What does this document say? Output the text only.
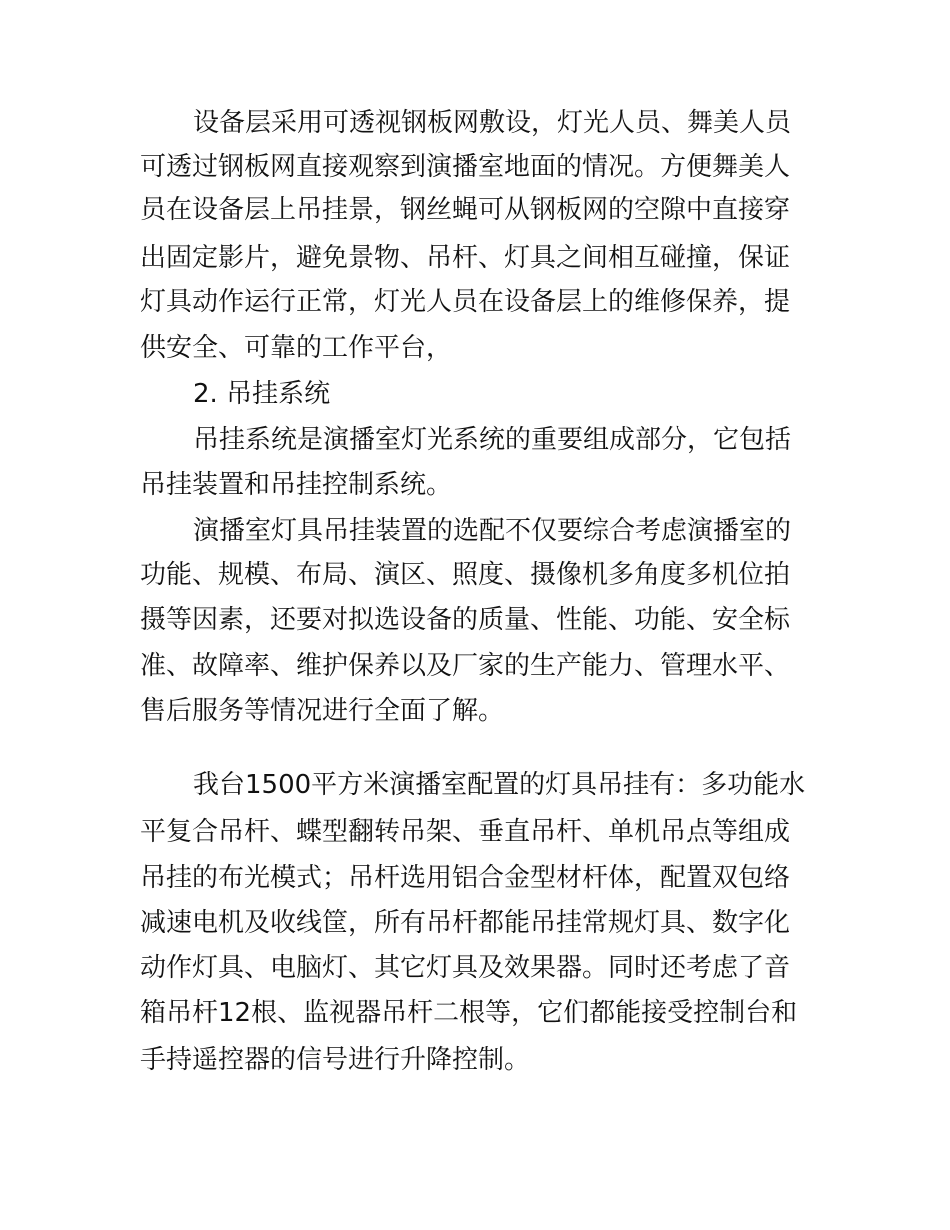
设备层采用可透视钢板网敷设，灯光人员、舞美人员
可透过钢板网直接观察到演播室地面的情况。方便舞美人
员在设备层上吊挂景，钢丝蝇可从钢板网的空隙中直接穿
出固定影片，避免景物、吊杆、灯具之间相互碰撞，保证
灯具动作运行正常，灯光人员在设备层上的维修保养，提
供安全、可靠的工作平台，
2. 吊挂系统
吊挂系统是演播室灯光系统的重要组成部分，它包括
吊挂装置和吊挂控制系统。
演播室灯具吊挂装置的选配不仅要综合考虑演播室的
功能、规模、布局、演区、照度、摄像机多角度多机位拍
摄等因素，还要对拟选设备的质量、性能、功能、安全标
准、故障率、维护保养以及厂家的生产能力、管理水平、
售后服务等情况进行全面了解。
我台1500平方米演播室配置的灯具吊挂有：多功能水
平复合吊杆、蝶型翻转吊架、垂直吊杆、单机吊点等组成
吊挂的布光模式；吊杆选用铝合金型材杆体，配置双包络
减速电机及收线筐，所有吊杆都能吊挂常规灯具、数字化
动作灯具、电脑灯、其它灯具及效果器。同时还考虑了音
箱吊杆12根、监视器吊杆二根等，它们都能接受控制台和
手持遥控器的信号进行升降控制。
